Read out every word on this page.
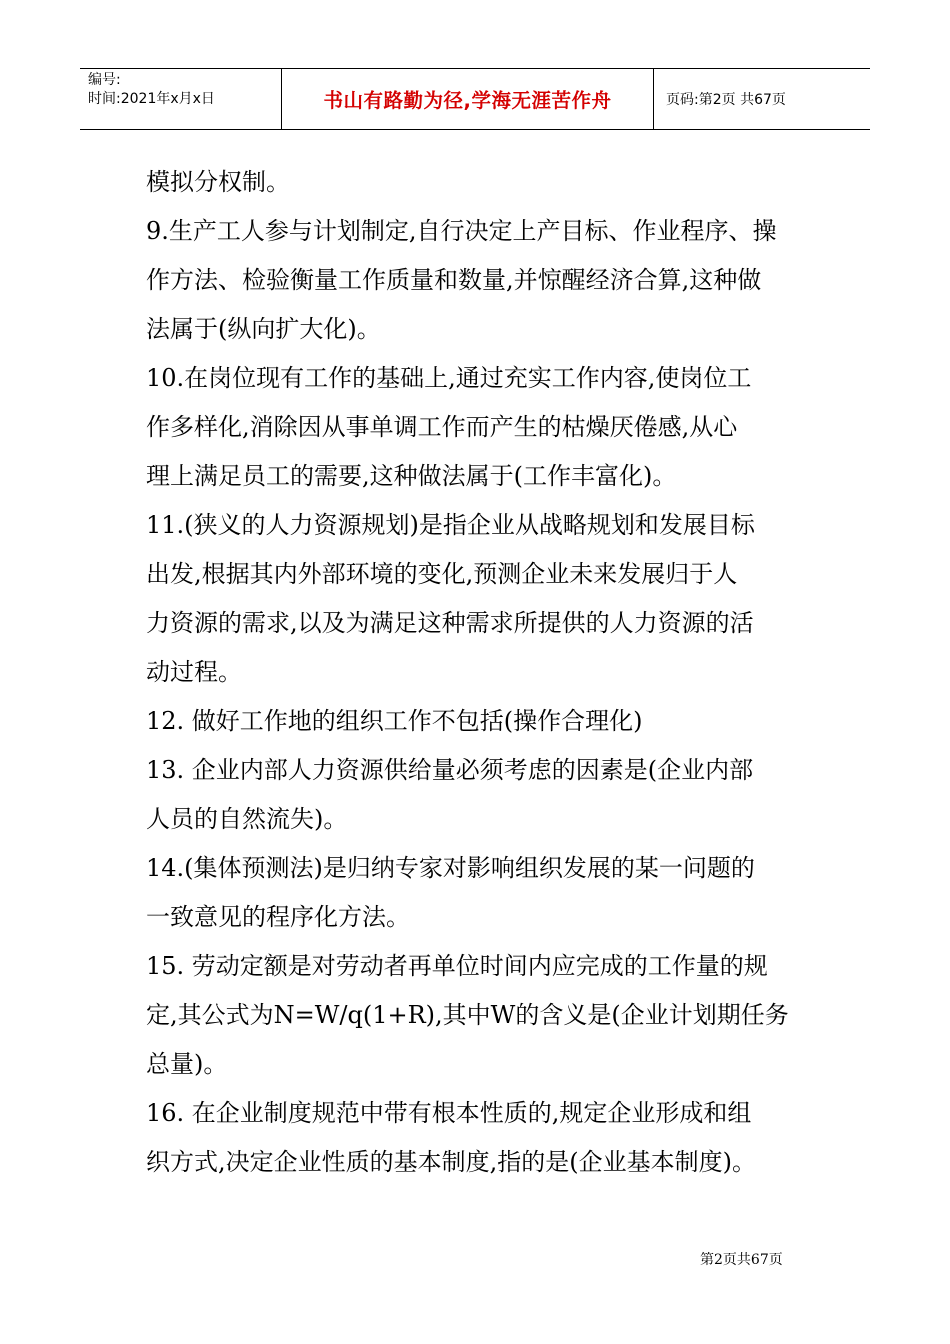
编号:
时间:2021年x月x日	书山有路勤为径,学海无涯苦作舟	页码:第2页 共67页

模拟分权制。

9.生产工人参与计划制定,自行决定上产目标、作业程序、操

作方法、检验衡量工作质量和数量,并惊醒经济合算,这种做

法属于(纵向扩大化)。

10.在岗位现有工作的基础上,通过充实工作内容,使岗位工

作多样化,消除因从事单调工作而产生的枯燥厌倦感,从心

理上满足员工的需要,这种做法属于(工作丰富化)。

11.(狭义的人力资源规划)是指企业从战略规划和发展目标

出发,根据其内外部环境的变化,预测企业未来发展归于人

力资源的需求,以及为满足这种需求所提供的人力资源的活

动过程。

12. 做好工作地的组织工作不包括(操作合理化)

13. 企业内部人力资源供给量必须考虑的因素是(企业内部

人员的自然流失)。

14.(集体预测法)是归纳专家对影响组织发展的某一问题的

一致意见的程序化方法。

15. 劳动定额是对劳动者再单位时间内应完成的工作量的规

定,其公式为N=W/q(1+R),其中W的含义是(企业计划期任务

总量)。

16. 在企业制度规范中带有根本性质的,规定企业形成和组

织方式,决定企业性质的基本制度,指的是(企业基本制度)。

第2页共67页
